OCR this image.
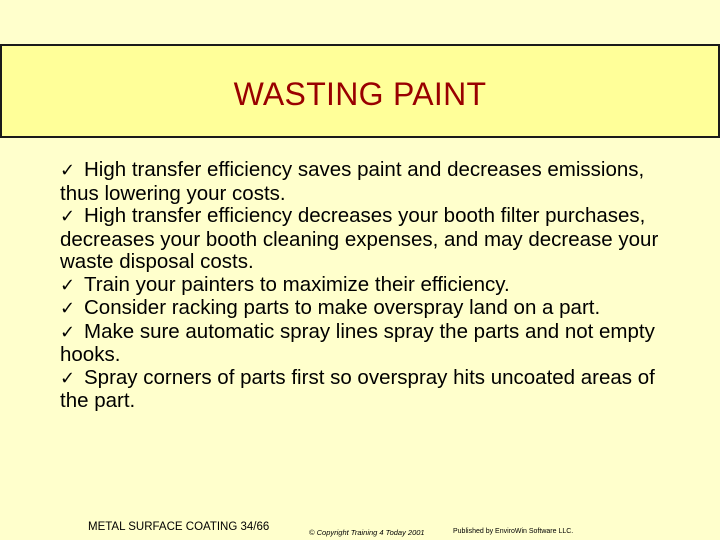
WASTING PAINT
✓ High transfer efficiency saves paint and decreases emissions, thus lowering your costs.
✓ High transfer efficiency decreases your booth filter purchases, decreases your booth cleaning expenses, and may decrease your waste disposal costs.
✓ Train your painters to maximize their efficiency.
✓ Consider racking parts to make overspray land on a part.
✓ Make sure automatic spray lines spray the parts and not empty hooks.
✓ Spray corners of parts first so overspray hits uncoated areas of the part.
METAL SURFACE COATING 34/66	© Copyright Training 4 Today 2001	Published by EnviroWin Software LLC.
